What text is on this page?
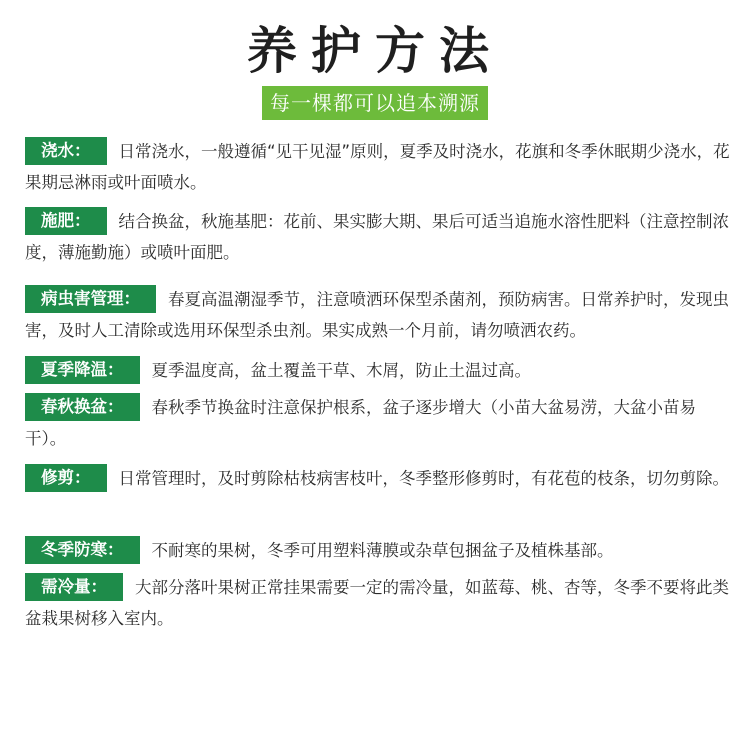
养护方法
每一棵都可以追本溯源
浇水： 日常浇水，一般遵循“见干见湿”原则，夏季及时浇水，花旗和冬季休眠期少浇水，花果期忌淋雨或叶面喷水。
施肥： 结合换盆，秋施基肥：花前、果实膨大期、果后可适当追施水溶性肥料（注意控制浓度，薄施勤施）或喷叶面肥。
病虫害管理： 春夏高温潮湿季节，注意喷洒环保型杀菌剂，预防病害。日常养护时，发现虫害，及时人工清除或选用环保型杀虫剂。果实成熟一个月前，请勿喷洒农药。
夏季降温： 夏季温度高，盆土覆盖干草、木屑，防止土温过高。
春秋换盆： 春秋季节换盆时注意保护根系，盆子逐步增大（小苗大盆易涝，大盆小苗易干）。
修剪： 日常管理时，及时剪除枯枝病害枝叶，冬季整形修剪时，有花苞的枝条，切勿剪除。
冬季防寒： 不耐寒的果树，冬季可用塑料薄膜或杂草包捆盆子及植株基部。
需冷量： 大部分落叶果树正常挂果需要一定的需冷量，如蓝莓、桃、杏等，冬季不要将此类盆栽果树移入室内。
